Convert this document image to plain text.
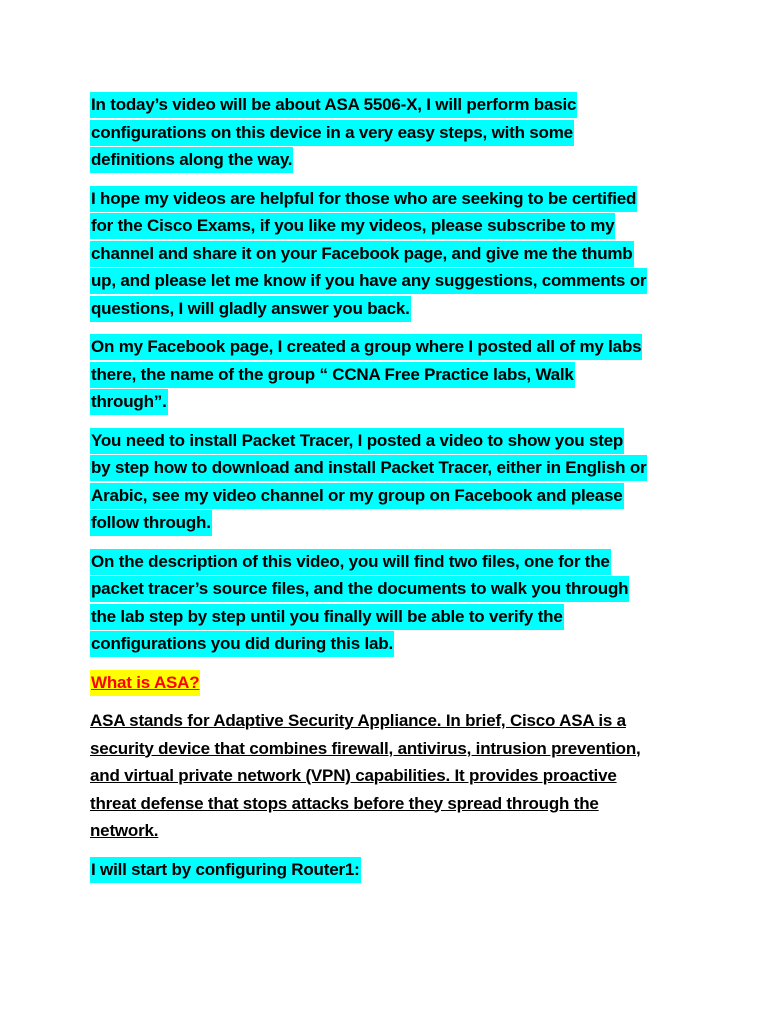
In today’s video will be about ASA 5506-X, I will perform basic
configurations on this device in a very easy steps, with some
definitions along the way.
I hope my videos are helpful for those who are seeking to be certified
for the Cisco Exams, if you like my videos, please subscribe to my
channel and share it on your Facebook page, and give me the thumb
up, and please let me know if you have any suggestions, comments or
questions, I will gladly answer you back.
On my Facebook page, I created a group where I posted all of my labs
there, the name of the group “ CCNA Free Practice labs, Walk
through”.
You need to install Packet Tracer, I posted a video to show you step
by step how to download and install Packet Tracer, either in English or
Arabic, see my video channel or my group on Facebook and please
follow through.
On the description of this video, you will find two files, one for the
packet tracer’s source files, and the documents to walk you through
the lab step by step until you finally will be able to verify the
configurations you did during this lab.
What is ASA?
ASA stands for Adaptive Security Appliance. In brief, Cisco ASA is a
security device that combines firewall, antivirus, intrusion prevention,
and virtual private network (VPN) capabilities. It provides proactive
threat defense that stops attacks before they spread through the
network.
I will start by configuring Router1:
